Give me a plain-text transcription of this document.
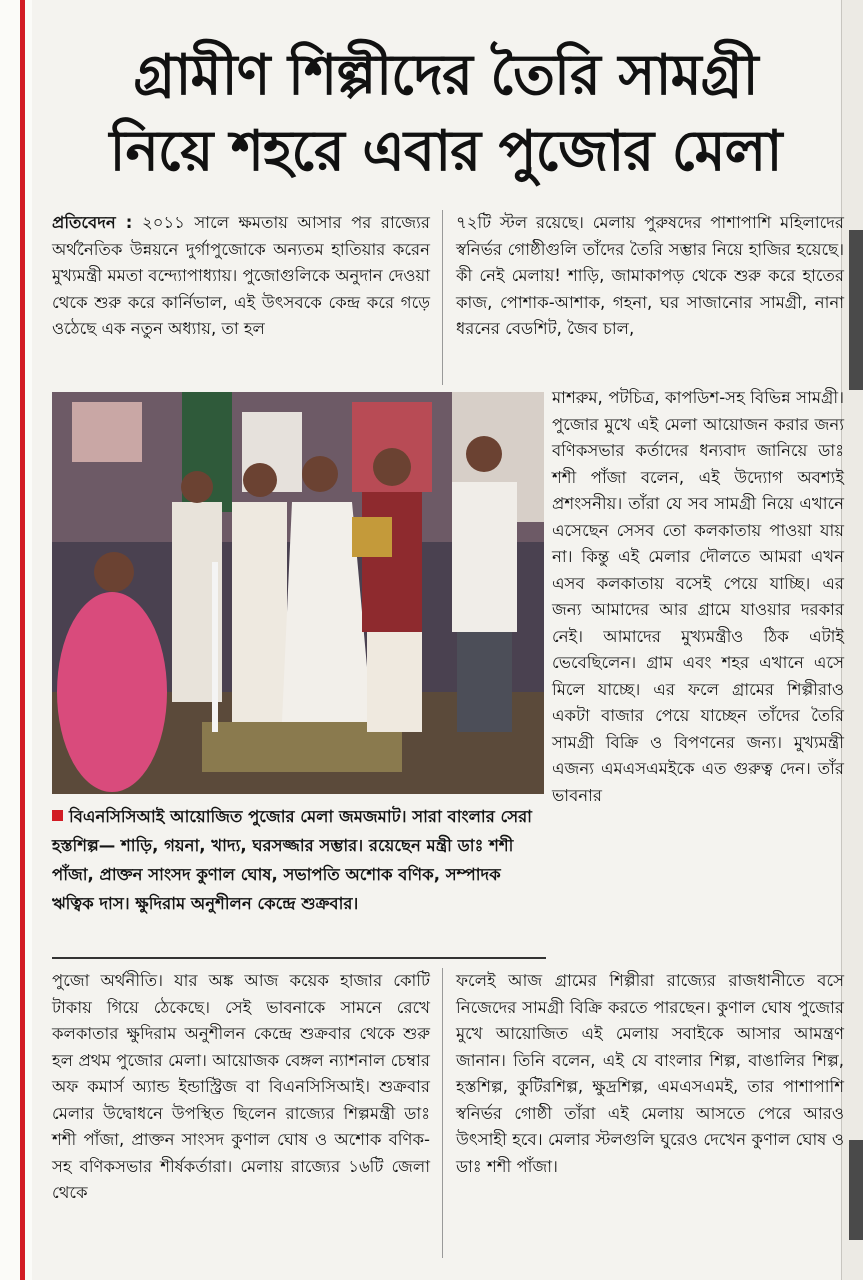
গ্রামীণ শিল্পীদের তৈরি সামগ্রী
নিয়ে শহরে এবার পুজোর মেলা

প্রতিবেদন : ২০১১ সালে ক্ষমতায় আসার পর রাজ্যের অর্থনৈতিক উন্নয়নে দুর্গাপুজোকে অন্যতম হাতিয়ার করেন মুখ্যমন্ত্রী মমতা বন্দ্যোপাধ্যায়। পুজোগুলিকে অনুদান দেওয়া থেকে শুরু করে কার্নিভাল, এই উৎসবকে কেন্দ্র করে গড়ে ওঠেছে এক নতুন অধ্যায়, তা হল

৭২টি স্টল রয়েছে। মেলায় পুরুষদের পাশাপাশি মহিলাদের স্বনির্ভর গোষ্ঠীগুলি তাঁদের তৈরি সম্ভার নিয়ে হাজির হয়েছে। কী নেই মেলায়! শাড়ি, জামাকাপড় থেকে শুরু করে হাতের কাজ, পোশাক-আশাক, গহনা, ঘর সাজানোর সামগ্রী, নানা ধরনের বেডশিট, জৈব চাল,

মাশরুম, পটচিত্র, কাপডিশ-সহ বিভিন্ন সামগ্রী। পুজোর মুখে এই মেলা আয়োজন করার জন্য বণিকসভার কর্তাদের ধন্যবাদ জানিয়ে ডাঃ শশী পাঁজা বলেন, এই উদ্যোগ অবশ্যই প্রশংসনীয়। তাঁরা যে সব সামগ্রী নিয়ে এখানে এসেছেন সেসব তো কলকাতায় পাওয়া যায় না। কিন্তু এই মেলার দৌলতে আমরা এখন এসব কলকাতায় বসেই পেয়ে যাচ্ছি। এর জন্য আমাদের আর গ্রামে যাওয়ার দরকার নেই। আমাদের মুখ্যমন্ত্রীও ঠিক এটাই ভেবেছিলেন। গ্রাম এবং শহর এখানে এসে মিলে যাচ্ছে। এর ফলে গ্রামের শিল্পীরাও একটা বাজার পেয়ে যাচ্ছেন তাঁদের তৈরি সামগ্রী বিক্রি ও বিপণনের জন্য। মুখ্যমন্ত্রী এজন্য এমএসএমইকে এত গুরুত্ব দেন। তাঁর ভাবনার

বিএনসিসিআই আয়োজিত পুজোর মেলা জমজমাট। সারা বাংলার সেরা হস্তশিল্প— শাড়ি, গয়না, খাদ্য, ঘরসজ্জার সম্ভার। রয়েছেন মন্ত্রী ডাঃ শশী পাঁজা, প্রাক্তন সাংসদ কুণাল ঘোষ, সভাপতি অশোক বণিক, সম্পাদক ঋত্বিক দাস। ক্ষুদিরাম অনুশীলন কেন্দ্রে শুক্রবার।

পুজো অর্থনীতি। যার অঙ্ক আজ কয়েক হাজার কোটি টাকায় গিয়ে ঠেকেছে। সেই ভাবনাকে সামনে রেখে কলকাতার ক্ষুদিরাম অনুশীলন কেন্দ্রে শুক্রবার থেকে শুরু হল প্রথম পুজোর মেলা। আয়োজক বেঙ্গল ন্যাশনাল চেম্বার অফ কমার্স অ্যান্ড ইন্ডাস্ট্রিজ বা বিএনসিসিআই। শুক্রবার মেলার উদ্বোধনে উপস্থিত ছিলেন রাজ্যের শিল্পমন্ত্রী ডাঃ শশী পাঁজা, প্রাক্তন সাংসদ কুণাল ঘোষ ও অশোক বণিক-সহ বণিকসভার শীর্ষকর্তারা। মেলায় রাজ্যের ১৬টি জেলা থেকে

ফলেই আজ গ্রামের শিল্পীরা রাজ্যের রাজধানীতে বসে নিজেদের সামগ্রী বিক্রি করতে পারছেন। কুণাল ঘোষ পুজোর মুখে আয়োজিত এই মেলায় সবাইকে আসার আমন্ত্রণ জানান। তিনি বলেন, এই যে বাংলার শিল্প, বাঙালির শিল্প, হস্তশিল্প, কুটিরশিল্প, ক্ষুদ্রশিল্প, এমএসএমই, তার পাশাপাশি স্বনির্ভর গোষ্ঠী তাঁরা এই মেলায় আসতে পেরে আরও উৎসাহী হবে। মেলার স্টলগুলি ঘুরেও দেখেন কুণাল ঘোষ ও ডাঃ শশী পাঁজা।
